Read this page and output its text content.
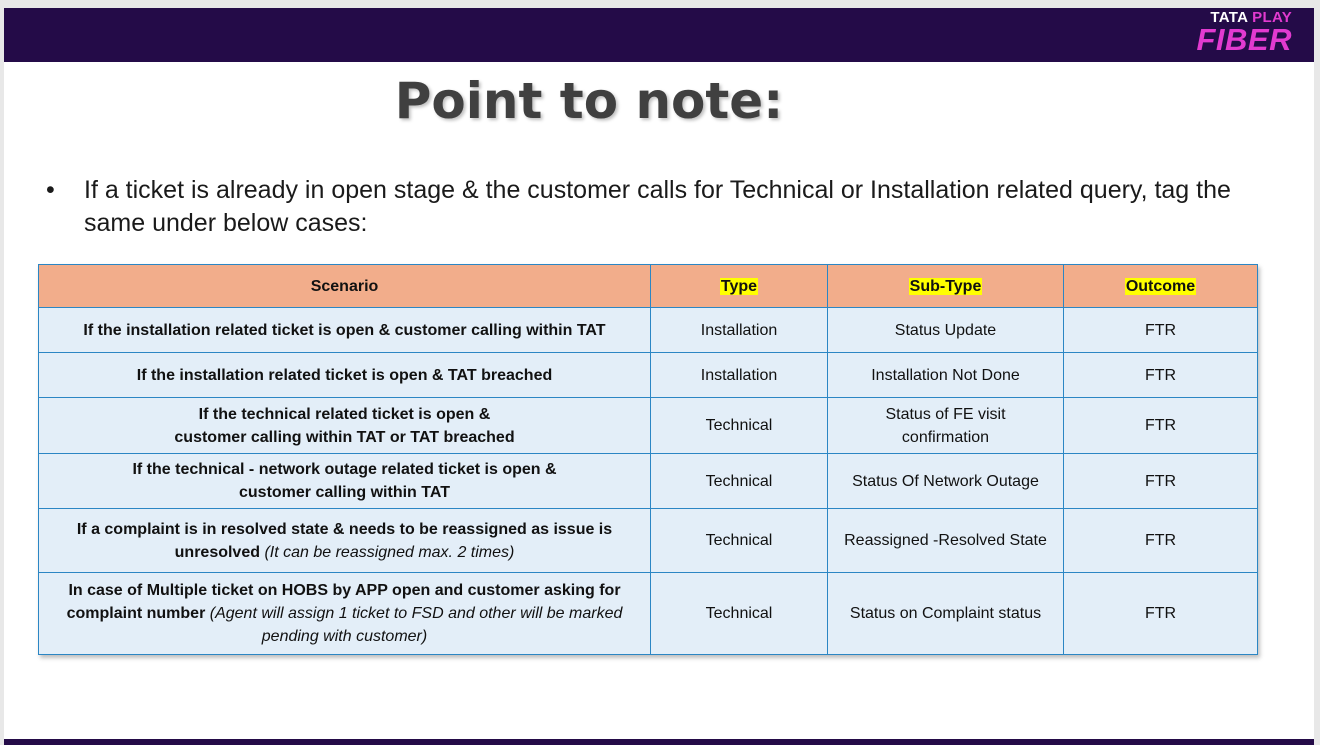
TATA PLAY
FIBER
Point to note:
• If a ticket is already in open stage & the customer calls for Technical or Installation related query, tag the same under below cases:
Scenario	Type	Sub-Type	Outcome
If the installation related ticket is open & customer calling within TAT	Installation	Status Update	FTR
If the installation related ticket is open & TAT breached	Installation	Installation Not Done	FTR
If the technical related ticket is open &
customer calling within TAT or TAT breached	Technical	Status of FE visit confirmation	FTR
If the technical - network outage related ticket is open &
customer calling within TAT	Technical	Status Of Network Outage	FTR
If a complaint is in resolved state & needs to be reassigned as issue is
unresolved (It can be reassigned max. 2 times)	Technical	Reassigned -Resolved State	FTR
In case of Multiple ticket on HOBS by APP open and customer asking for
complaint number (Agent will assign 1 ticket to FSD and other will be marked pending with customer)	Technical	Status on Complaint status	FTR
